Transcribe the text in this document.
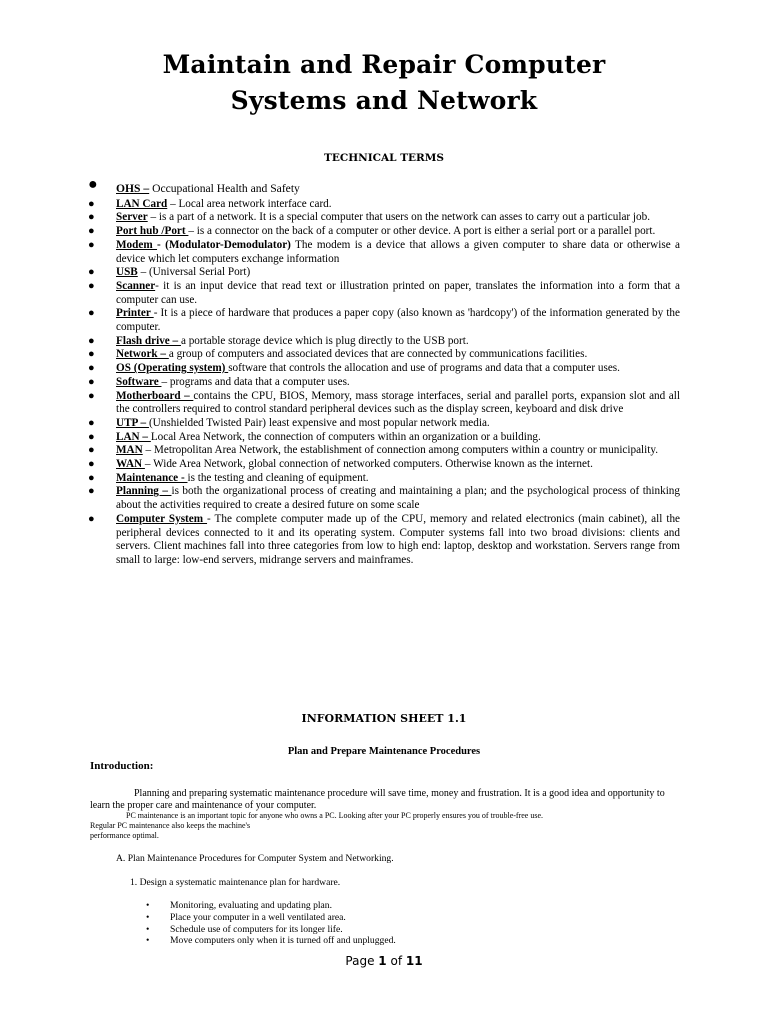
Maintain and Repair Computer
Systems and Network
TECHNICAL TERMS
● OHS – Occupational Health and Safety
● LAN Card – Local area network interface card.
● Server – is a part of a network. It is a special computer that users on the network can asses to carry out a particular job.
● Port hub /Port – is a connector on the back of a computer or other device. A port is either a serial port or a parallel port.
● Modem - (Modulator-Demodulator) The modem is a device that allows a given computer to share data or otherwise a device which let computers exchange information
● USB – (Universal Serial Port)
● Scanner- it is an input device that read text or illustration printed on paper, translates the information into a form that a computer can use.
● Printer - It is a piece of hardware that produces a paper copy (also known as 'hardcopy') of the information generated by the computer.
● Flash drive – a portable storage device which is plug directly to the USB port.
● Network – a group of computers and associated devices that are connected by communications facilities.
● OS (Operating system) software that controls the allocation and use of programs and data that a computer uses.
● Software – programs and data that a computer uses.
● Motherboard – contains the CPU, BIOS, Memory, mass storage interfaces, serial and parallel ports, expansion slot and all the controllers required to control standard peripheral devices such as the display screen, keyboard and disk drive
● UTP – (Unshielded Twisted Pair) least expensive and most popular network media.
● LAN – Local Area Network, the connection of computers within an organization or a building.
● MAN – Metropolitan Area Network, the establishment of connection among computers within a country or municipality.
● WAN – Wide Area Network, global connection of networked computers. Otherwise known as the internet.
● Maintenance - is the testing and cleaning of equipment.
● Planning – is both the organizational process of creating and maintaining a plan; and the psychological process of thinking about the activities required to create a desired future on some scale
● Computer System - The complete computer made up of the CPU, memory and related electronics (main cabinet), all the peripheral devices connected to it and its operating system. Computer systems fall into two broad divisions: clients and servers. Client machines fall into three categories from low to high end: laptop, desktop and workstation. Servers range from small to large: low-end servers, midrange servers and mainframes.
INFORMATION SHEET 1.1
Plan and Prepare Maintenance Procedures
Introduction:
Planning and preparing systematic maintenance procedure will save time, money and frustration. It is a good idea and opportunity to learn the proper care and maintenance of your computer.
PC maintenance is an important topic for anyone who owns a PC. Looking after your PC properly ensures you of trouble-free use.
Regular PC maintenance also keeps the machine's
performance optimal.
A. Plan Maintenance Procedures for Computer System and Networking.
1. Design a systematic maintenance plan for hardware.
• Monitoring, evaluating and updating plan.
• Place your computer in a well ventilated area.
• Schedule use of computers for its longer life.
• Move computers only when it is turned off and unplugged.
Page 1 of 11
